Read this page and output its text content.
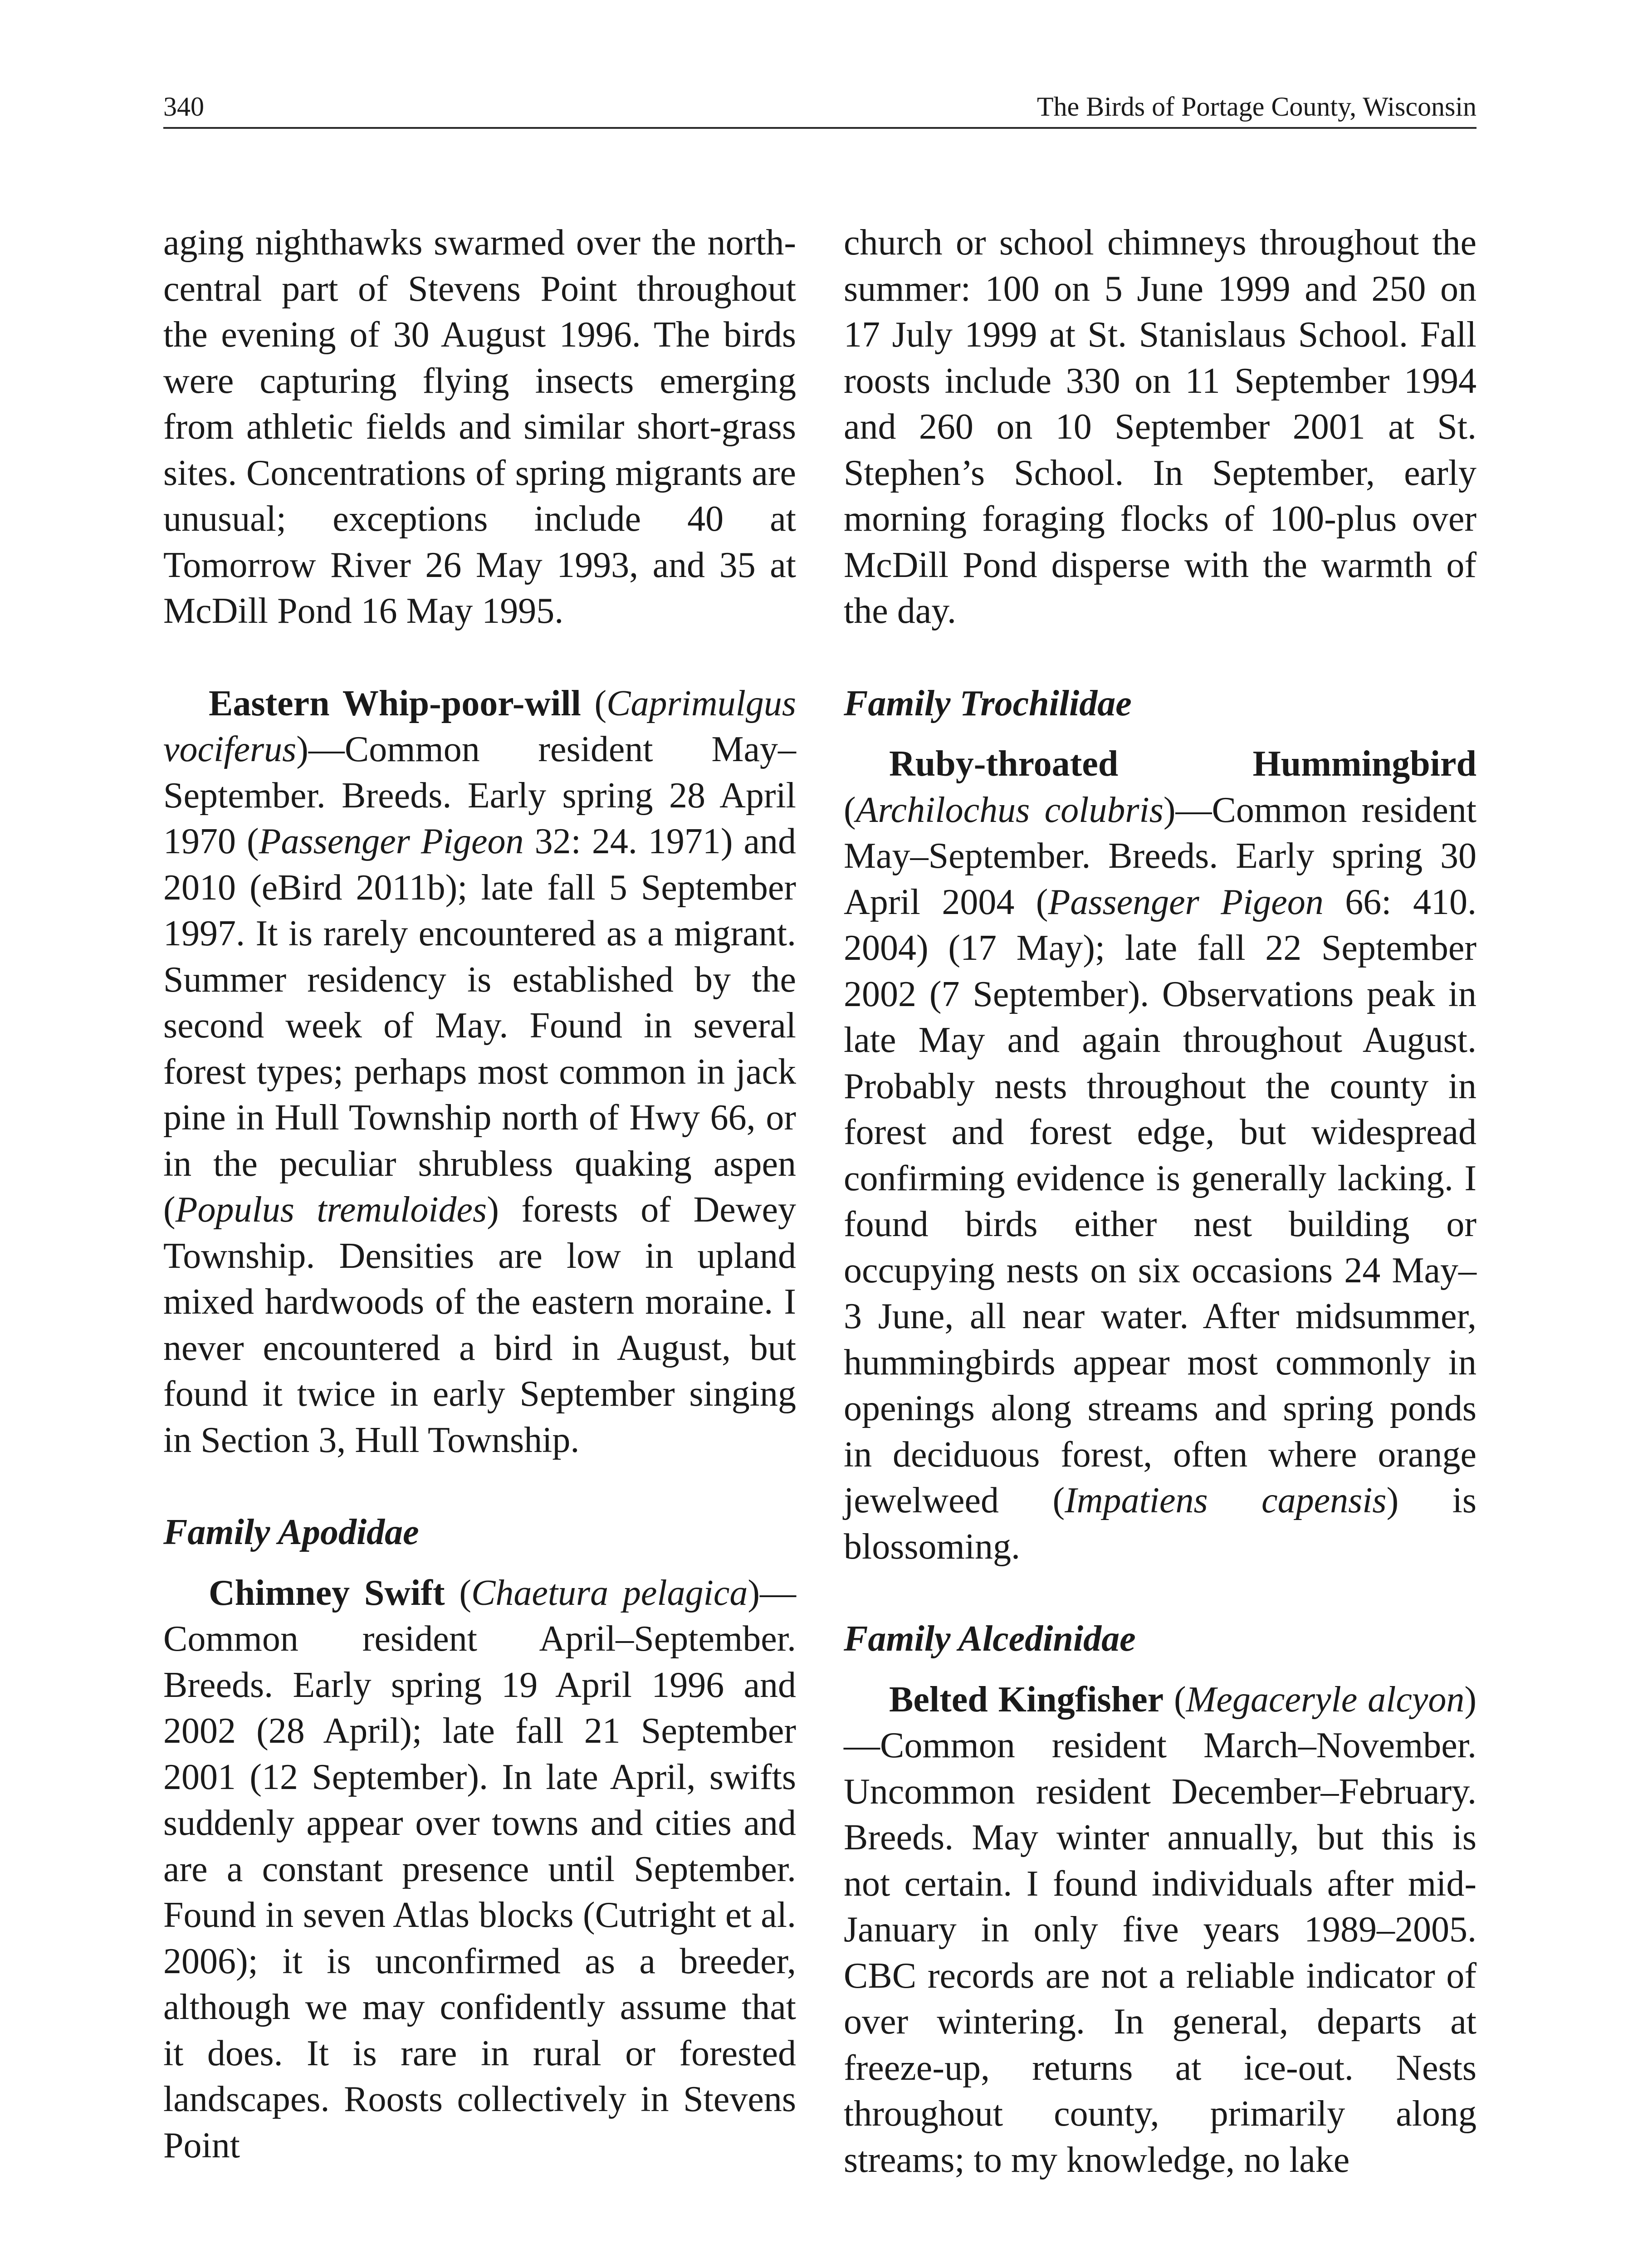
340	The Birds of Portage County, Wisconsin

aging nighthawks swarmed over the north-central part of Stevens Point throughout the evening of 30 August 1996. The birds were capturing flying insects emerging from athletic fields and similar short-grass sites. Concentrations of spring migrants are unusual; exceptions include 40 at Tomorrow River 26 May 1993, and 35 at McDill Pond 16 May 1995.

Eastern Whip-poor-will (Caprimulgus vociferus)—Common resident May–September. Breeds. Early spring 28 April 1970 (Passenger Pigeon 32: 24. 1971) and 2010 (eBird 2011b); late fall 5 September 1997. It is rarely encountered as a migrant. Summer residency is established by the second week of May. Found in several forest types; perhaps most common in jack pine in Hull Township north of Hwy 66, or in the peculiar shrubless quaking aspen (Populus tremuloides) forests of Dewey Township. Densities are low in upland mixed hardwoods of the eastern moraine. I never encountered a bird in August, but found it twice in early September singing in Section 3, Hull Township.

Family Apodidae

Chimney Swift (Chaetura pelagica)—Common resident April–September. Breeds. Early spring 19 April 1996 and 2002 (28 April); late fall 21 September 2001 (12 September). In late April, swifts suddenly appear over towns and cities and are a constant presence until September. Found in seven Atlas blocks (Cutright et al. 2006); it is unconfirmed as a breeder, although we may confidently assume that it does. It is rare in rural or forested landscapes. Roosts collectively in Stevens Point

church or school chimneys throughout the summer: 100 on 5 June 1999 and 250 on 17 July 1999 at St. Stanislaus School. Fall roosts include 330 on 11 September 1994 and 260 on 10 September 2001 at St. Stephen’s School. In September, early morning foraging flocks of 100-plus over McDill Pond disperse with the warmth of the day.

Family Trochilidae

Ruby-throated Hummingbird (Archilochus colubris)—Common resident May–September. Breeds. Early spring 30 April 2004 (Passenger Pigeon 66: 410. 2004) (17 May); late fall 22 September 2002 (7 September). Observations peak in late May and again throughout August. Probably nests throughout the county in forest and forest edge, but widespread confirming evidence is generally lacking. I found birds either nest building or occupying nests on six occasions 24 May–3 June, all near water. After midsummer, hummingbirds appear most commonly in openings along streams and spring ponds in deciduous forest, often where orange jewelweed (Impatiens capensis) is blossoming.

Family Alcedinidae

Belted Kingfisher (Megaceryle alcyon)—Common resident March–November. Uncommon resident December–February. Breeds. May winter annually, but this is not certain. I found individuals after mid-January in only five years 1989–2005. CBC records are not a reliable indicator of over wintering. In general, departs at freeze-up, returns at ice-out. Nests throughout county, primarily along streams; to my knowledge, no lake
